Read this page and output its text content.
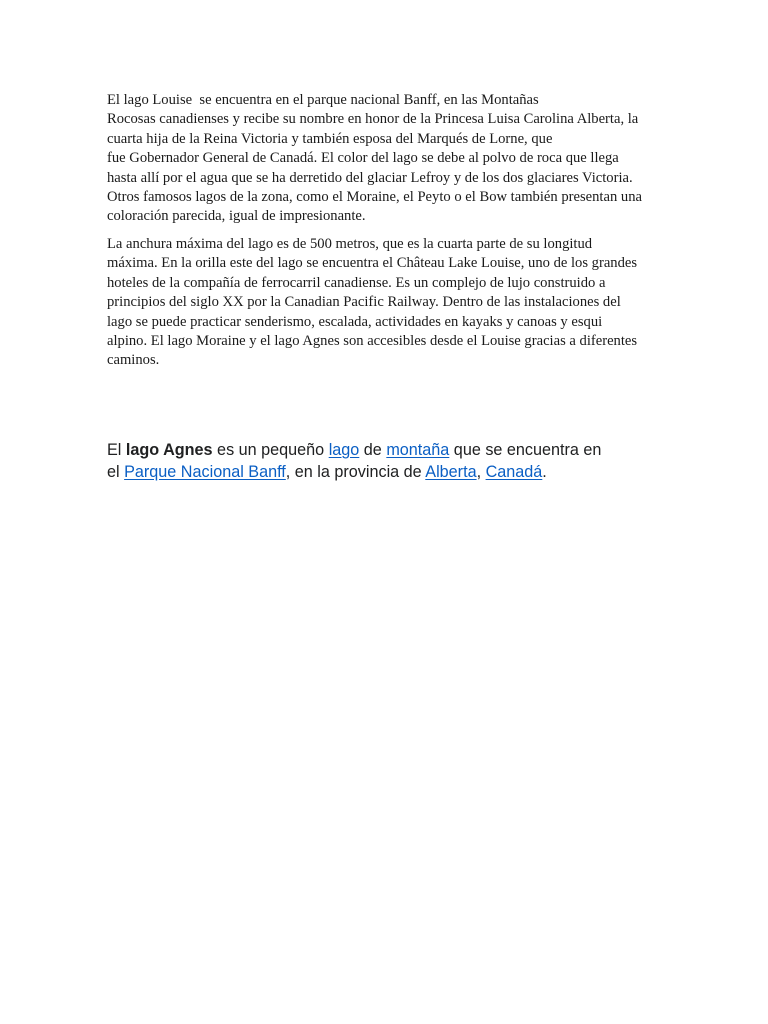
El lago Louise  se encuentra en el parque nacional Banff, en las Montañas
Rocosas canadienses y recibe su nombre en honor de la Princesa Luisa Carolina Alberta, la
cuarta hija de la Reina Victoria y también esposa del Marqués de Lorne, que
fue Gobernador General de Canadá. El color del lago se debe al polvo de roca que llega
hasta allí por el agua que se ha derretido del glaciar Lefroy y de los dos glaciares Victoria.
Otros famosos lagos de la zona, como el Moraine, el Peyto o el Bow también presentan una
coloración parecida, igual de impresionante.
La anchura máxima del lago es de 500 metros, que es la cuarta parte de su longitud
máxima. En la orilla este del lago se encuentra el Château Lake Louise, uno de los grandes
hoteles de la compañía de ferrocarril canadiense. Es un complejo de lujo construido a
principios del siglo XX por la Canadian Pacific Railway. Dentro de las instalaciones del
lago se puede practicar senderismo, escalada, actividades en kayaks y canoas y esqui
alpino. El lago Moraine y el lago Agnes son accesibles desde el Louise gracias a diferentes
caminos.
El lago Agnes es un pequeño lago de montaña que se encuentra en
el Parque Nacional Banff, en la provincia de Alberta, Canadá.
